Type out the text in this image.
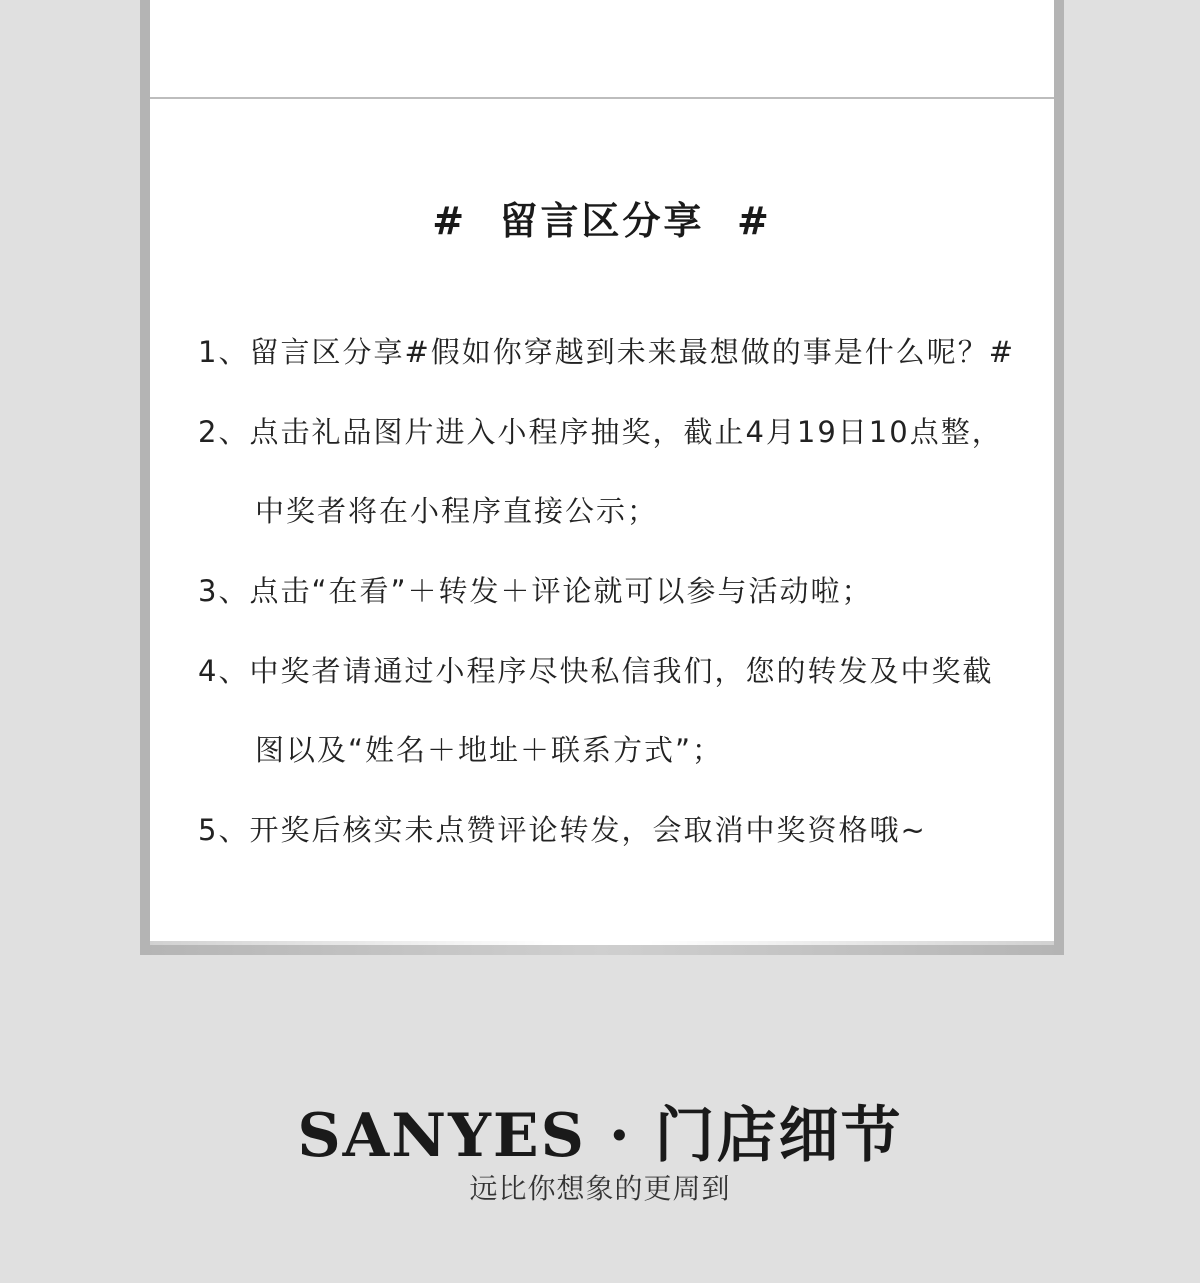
#  留言区分享  #
1、留言区分享#假如你穿越到未来最想做的事是什么呢？#
2、点击礼品图片进入小程序抽奖，截止4月19日10点整，
中奖者将在小程序直接公示；
3、点击“在看”＋转发＋评论就可以参与活动啦；
4、中奖者请通过小程序尽快私信我们，您的转发及中奖截
图以及“姓名＋地址＋联系方式”；
5、开奖后核实未点赞评论转发，会取消中奖资格哦~
SANYES · 门店细节
远比你想象的更周到
